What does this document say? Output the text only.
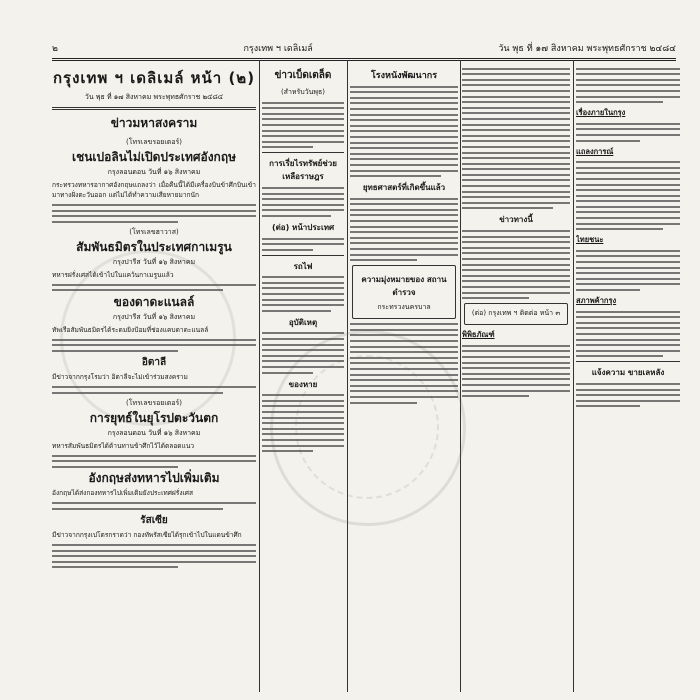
๒	กรุงเทพ ฯ เดลิเมล์	วัน พุธ ที่ ๑๗ สิงหาคม พระพุทธศักราช ๒๔๘๔
กรุงเทพ ฯ เดลิเมล์ หน้า (๒)
วัน พุธ ที่ ๑๗ สิงหาคม พระพุทธศักราช ๒๔๘๔
ข่าวมหาสงคราม
(โทรเลขรอยเตอร์)
เชนเปอลินไม่เปิดประเทศอังกฤษ
กรุงลอนดอน วันที่ ๑๖ สิงหาคม
กระทรวงทหารอากาศอังกฤษแถลงว่า เมื่อคืนนี้ได้มีเครื่องบินข้าศึกบินเข้ามาทางฝั่งตะวันออก แต่ไม่ได้ทำความเสียหายมากนัก
(โทรเลขฮาวาส)
สัมพันธมิตรในประเทศกาเมรูน
กรุงปารีส วันที่ ๑๖ สิงหาคม
ทหารฝรั่งเศสได้เข้าไปในแคว้นกาเมรูนแล้ว
ของดาดะแนลล์
กรุงปารีส วันที่ ๑๖ สิงหาคม
ทัพเรือสัมพันธมิตรได้ระดมยิงป้อมที่ช่องแคบดาดะแนลล์
อิตาลี
มีข่าวจากกรุงโรมว่า อิตาลีจะไม่เข้าร่วมสงคราม
(โทรเลขรอยเตอร์)
การยุทธ์ในยุโรปตะวันตก
กรุงลอนดอน วันที่ ๑๖ สิงหาคม
ทหารสัมพันธมิตรได้ต้านทานข้าศึกไว้ได้ตลอดแนว
อังกฤษส่งทหารไปเพิ่มเติม
อังกฤษได้ส่งกองทหารไปเพิ่มเติมยังประเทศฝรั่งเศส
รัสเซีย
มีข่าวจากกรุงเปโตรกราดว่า กองทัพรัสเซียได้รุกเข้าไปในแดนข้าศึก
ข่าวเบ็ดเตล็ด
(สำหรับวันพุธ)
การเรี่ยไรทรัพย์ช่วยเหลือราษฎร
(ต่อ) หน้าประเทศ
รถไฟ
อุบัติเหตุ
ของหาย
โรงหนังพัฒนากร
ยุทธศาสตร์ที่เกิดขึ้นแล้ว
ความมุ่งหมายของ สถานตำรวจ
กระทรวงนครบาล
ข่าวทางนี้
(ต่อ) กรุงเทพ ฯ ติดต่อ หน้า ๓
พิพิธภัณฑ์
เรื่องภายในกรุง
แถลงการณ์
ไทยชนะ
สภาพค้ากรุง
แจ้งความ ขายเลหลัง
